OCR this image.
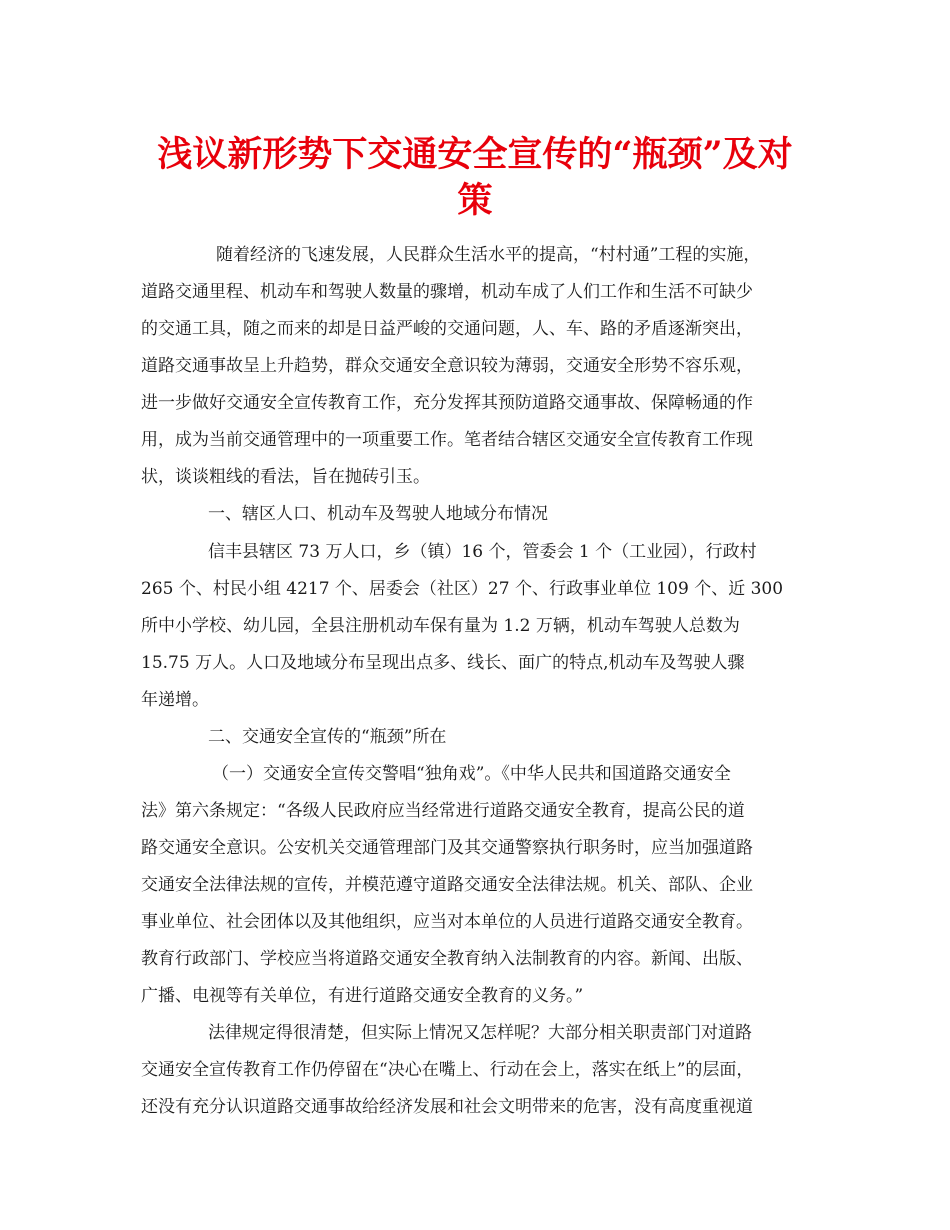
浅议新形势下交通安全宣传的“瓶颈”及对
策
随着经济的飞速发展，人民群众生活水平的提高，“村村通”工程的实施，
道路交通里程、机动车和驾驶人数量的骤增，机动车成了人们工作和生活不可缺少
的交通工具，随之而来的却是日益严峻的交通问题，人、车、路的矛盾逐渐突出，
道路交通事故呈上升趋势，群众交通安全意识较为薄弱，交通安全形势不容乐观，
进一步做好交通安全宣传教育工作，充分发挥其预防道路交通事故、保障畅通的作
用，成为当前交通管理中的一项重要工作。笔者结合辖区交通安全宣传教育工作现
状，谈谈粗线的看法，旨在抛砖引玉。
一、辖区人口、机动车及驾驶人地域分布情况
信丰县辖区 73 万人口，乡（镇）16 个，管委会 1 个（工业园），行政村
265 个、村民小组 4217 个、居委会（社区）27 个、行政事业单位 109 个、近 300
所中小学校、幼儿园，全县注册机动车保有量为 1.2 万辆，机动车驾驶人总数为
15.75 万人。人口及地域分布呈现出点多、线长、面广的特点,机动车及驾驶人骤
年递增。
二、交通安全宣传的“瓶颈”所在
（一）交通安全宣传交警唱“独角戏”。《中华人民共和国道路交通安全
法》第六条规定：“各级人民政府应当经常进行道路交通安全教育，提高公民的道
路交通安全意识。公安机关交通管理部门及其交通警察执行职务时，应当加强道路
交通安全法律法规的宣传，并模范遵守道路交通安全法律法规。机关、部队、企业
事业单位、社会团体以及其他组织，应当对本单位的人员进行道路交通安全教育。
教育行政部门、学校应当将道路交通安全教育纳入法制教育的内容。新闻、出版、
广播、电视等有关单位，有进行道路交通安全教育的义务。”
法律规定得很清楚，但实际上情况又怎样呢？大部分相关职责部门对道路
交通安全宣传教育工作仍停留在“决心在嘴上、行动在会上，落实在纸上”的层面，
还没有充分认识道路交通事故给经济发展和社会文明带来的危害，没有高度重视道
